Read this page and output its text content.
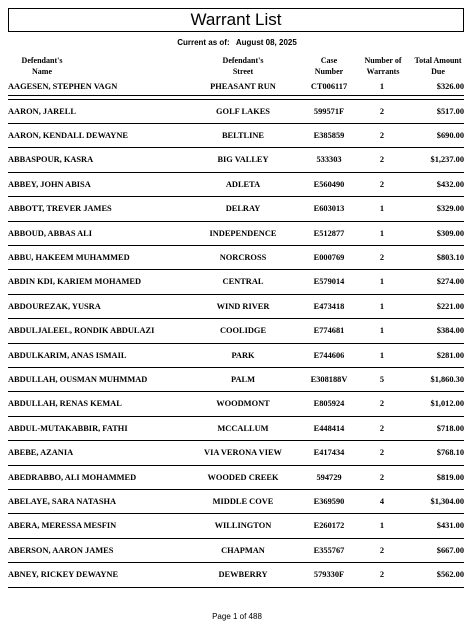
Warrant List
Current as of: August 08, 2025
Defendant's
Name
Defendant's
Street
Case
Number
Number of
Warrants
Total Amount
Due
AAGESEN, STEPHEN VAGN	PHEASANT RUN	CT006117	1	$326.00
AARON, JARELL	GOLF LAKES	599571F	2	$517.00
AARON, KENDALL DEWAYNE	BELTLINE	E385859	2	$690.00
ABBASPOUR, KASRA	BIG VALLEY	533303	2	$1,237.00
ABBEY, JOHN ABISA	ADLETA	E560490	2	$432.00
ABBOTT, TREVER JAMES	DELRAY	E603013	1	$329.00
ABBOUD, ABBAS ALI	INDEPENDENCE	E512877	1	$309.00
ABBU, HAKEEM MUHAMMED	NORCROSS	E000769	2	$803.10
ABDIN KDI, KARIEM MOHAMED	CENTRAL	E579014	1	$274.00
ABDOUREZAK, YUSRA	WIND RIVER	E473418	1	$221.00
ABDULJALEEL, RONDIK ABDULAZI	COOLIDGE	E774681	1	$384.00
ABDULKARIM, ANAS ISMAIL	PARK	E744606	1	$281.00
ABDULLAH, OUSMAN MUHMMAD	PALM	E308188V	5	$1,860.30
ABDULLAH, RENAS KEMAL	WOODMONT	E805924	2	$1,012.00
ABDUL-MUTAKABBIR, FATHI	MCCALLUM	E448414	2	$718.00
ABEBE, AZANIA	VIA VERONA VIEW	E417434	2	$768.10
ABEDRABBO, ALI MOHAMMED	WOODED CREEK	594729	2	$819.00
ABELAYE, SARA NATASHA	MIDDLE COVE	E369590	4	$1,304.00
ABERA, MERESSA MESFIN	WILLINGTON	E260172	1	$431.00
ABERSON, AARON JAMES	CHAPMAN	E355767	2	$667.00
ABNEY, RICKEY DEWAYNE	DEWBERRY	579330F	2	$562.00
Page 1 of 488
